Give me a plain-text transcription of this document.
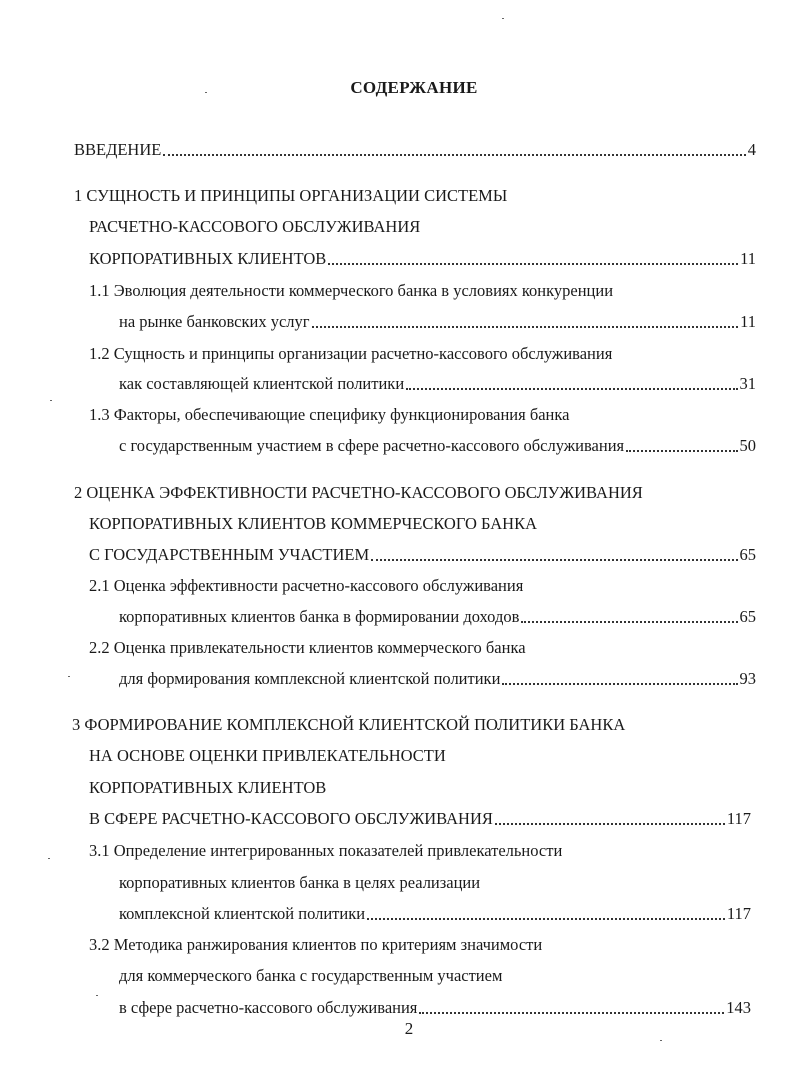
СОДЕРЖАНИЕ
ВВЕДЕНИЕ	4
1 СУЩНОСТЬ И ПРИНЦИПЫ ОРГАНИЗАЦИИ СИСТЕМЫ
РАСЧЕТНО-КАССОВОГО ОБСЛУЖИВАНИЯ
КОРПОРАТИВНЫХ КЛИЕНТОВ	11
1.1 Эволюция деятельности коммерческого банка в условиях конкуренции
на рынке банковских услуг	11
1.2 Сущность и принципы организации расчетно-кассового обслуживания
как составляющей клиентской политики	31
1.3 Факторы, обеспечивающие специфику функционирования банка
с государственным участием в сфере расчетно-кассового обслуживания	50
2 ОЦЕНКА ЭФФЕКТИВНОСТИ РАСЧЕТНО-КАССОВОГО ОБСЛУЖИВАНИЯ
КОРПОРАТИВНЫХ КЛИЕНТОВ КОММЕРЧЕСКОГО БАНКА
С ГОСУДАРСТВЕННЫМ УЧАСТИЕМ	65
2.1 Оценка эффективности расчетно-кассового обслуживания
корпоративных клиентов банка в формировании доходов	65
2.2 Оценка привлекательности клиентов коммерческого банка
для формирования комплексной клиентской политики	93
3 ФОРМИРОВАНИЕ КОМПЛЕКСНОЙ КЛИЕНТСКОЙ ПОЛИТИКИ БАНКА
НА ОСНОВЕ ОЦЕНКИ ПРИВЛЕКАТЕЛЬНОСТИ
КОРПОРАТИВНЫХ КЛИЕНТОВ
В СФЕРЕ РАСЧЕТНО-КАССОВОГО ОБСЛУЖИВАНИЯ	117
3.1 Определение интегрированных показателей привлекательности
корпоративных клиентов банка в целях реализации
комплексной клиентской политики	117
3.2 Методика ранжирования клиентов по критериям значимости
для коммерческого банка с государственным участием
в сфере расчетно-кассового обслуживания	143
2
